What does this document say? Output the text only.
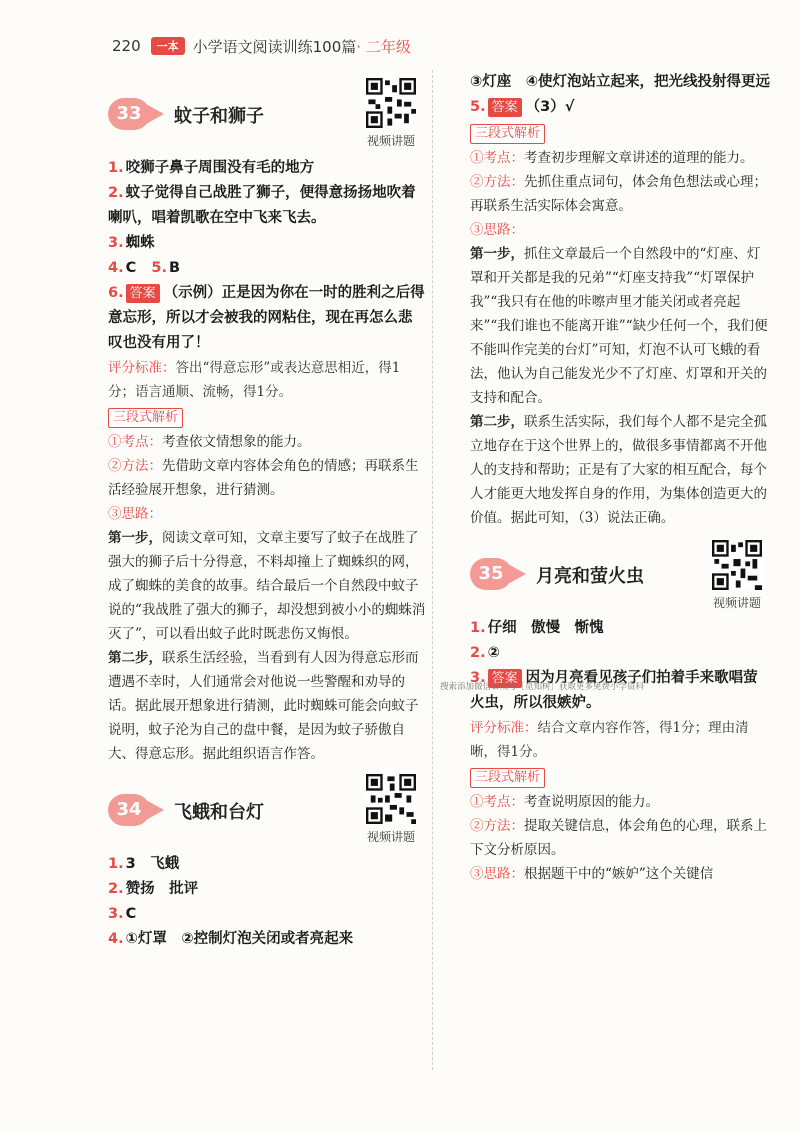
220	一本 小学语文阅读训练100篇 · 二年级
33	蚊子和狮子
视频讲题
1. 咬狮子鼻子周围没有毛的地方
2. 蚊子觉得自己战胜了狮子，便得意扬扬地吹着喇叭，唱着凯歌在空中飞来飞去。
3. 蜘蛛
4. C 5. B
6. 答案 （示例）正是因为你在一时的胜利之后得意忘形，所以才会被我的网粘住，现在再怎么悲叹也没有用了！
评分标准：答出“得意忘形”或表达意思相近，得1分；语言通顺、流畅，得1分。
三段式解析
①考点：考查依文情想象的能力。
②方法：先借助文章内容体会角色的情感；再联系生活经验展开想象，进行猜测。
③思路：
第一步，阅读文章可知，文章主要写了蚊子在战胜了强大的狮子后十分得意，不料却撞上了蜘蛛织的网，成了蜘蛛的美食的故事。结合最后一个自然段中蚊子说的“我战胜了强大的狮子，却没想到被小小的蜘蛛消灭了”，可以看出蚊子此时既悲伤又悔恨。
第二步，联系生活经验，当看到有人因为得意忘形而遭遇不幸时，人们通常会对他说一些警醒和劝导的话。据此展开想象进行猜测，此时蜘蛛可能会向蚊子说明，蚊子沦为自己的盘中餐，是因为蚊子骄傲自大、得意忘形。据此组织语言作答。
34	飞蛾和台灯
视频讲题
1. 3　飞蛾
2. 赞扬　批评
3. C
4. ①灯罩　②控制灯泡关闭或者亮起来
③灯座　④使灯泡站立起来，把光线投射得更远
5. 答案 （3）√
三段式解析
①考点：考查初步理解文章讲述的道理的能力。
②方法：先抓住重点词句，体会角色想法或心理；再联系生活实际体会寓意。
③思路：
第一步，抓住文章最后一个自然段中的“灯座、灯罩和开关都是我的兄弟”“灯座支持我”“灯罩保护我”“我只有在他的咔嚓声里才能关闭或者亮起来”“我们谁也不能离开谁”“缺少任何一个，我们便不能叫作完美的台灯”可知，灯泡不认可飞蛾的看法，他认为自己能发光少不了灯座、灯罩和开关的支持和配合。
第二步，联系生活实际，我们每个人都不是完全孤立地存在于这个世界上的，做很多事情都离不开他人的支持和帮助；正是有了大家的相互配合，每个人才能更大地发挥自身的作用，为集体创造更大的价值。据此可知，（3）说法正确。
35	月亮和萤火虫
视频讲题
1. 仔细　傲慢　惭愧
2. ②
3. 答案 因为月亮看见孩子们拍着手来歌唱萤火虫，所以很嫉妒。
评分标准：结合文章内容作答，得1分；理由清晰，得1分。
三段式解析
①考点：考查说明原因的能力。
②方法：提取关键信息，体会角色的心理，联系上下文分析原因。
③思路：根据题干中的“嫉妒”这个关键信
搜索添加微信公众号［觅知树］获取更多免费小学资料
